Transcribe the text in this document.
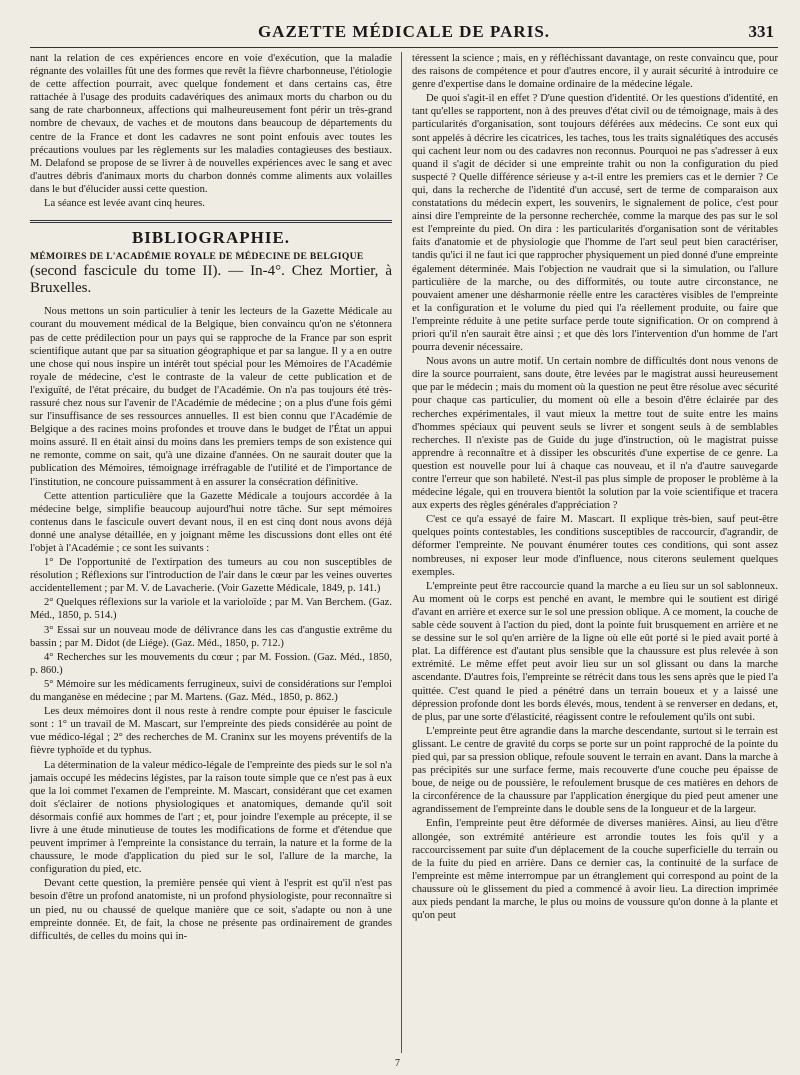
GAZETTE MÉDICALE DE PARIS.	331

nant la relation de ces expériences encore en voie d'exécution, que la maladie régnante des volailles fût une des formes que revêt la fièvre charbonneuse, l'étiologie de cette affection pourrait, avec quelque fondement et dans certains cas, être rattachée à l'usage des produits cadavériques des animaux morts du charbon ou du sang de rate charbonneux, affections qui malheureusement font périr un très-grand nombre de chevaux, de vaches et de moutons dans beaucoup de départements du centre de la France et dont les cadavres ne sont point enfouis avec toutes les précautions voulues par les règlements sur les maladies contagieuses des bestiaux. M. Delafond se propose de se livrer à de nouvelles expériences avec le sang et avec d'autres débris d'animaux morts du charbon donnés comme aliments aux volailles dans le but d'élucider aussi cette question.

La séance est levée avant cinq heures.

BIBLIOGRAPHIE.
MÉMOIRES DE L'ACADÉMIE ROYALE DE MÉDECINE DE BELGIQUE
(second fascicule du tome II). — In-4°. Chez Mortier, à Bruxelles.

Nous mettons un soin particulier à tenir les lecteurs de la Gazette Médicale au courant du mouvement médical de la Belgique, bien convaincu qu'on ne s'étonnera pas de cette prédilection pour un pays qui se rapproche de la France par son esprit scientifique autant que par sa situation géographique et par sa langue. Il y a en outre une chose qui nous inspire un intérêt tout spécial pour les Mémoires de l'Académie royale de médecine, c'est le contraste de la valeur de cette publication et de l'exiguïté, de l'état précaire, du budget de l'Académie. On n'a pas toujours été très-rassuré chez nous sur l'avenir de l'Académie de médecine ; on a plus d'une fois gémi sur l'insuffisance de ses ressources annuelles. Il est bien connu que l'Académie de Belgique a des racines moins profondes et trouve dans le budget de l'État un appui moins assuré. Il en était ainsi du moins dans les premiers temps de son existence qui ne remonte, comme on sait, qu'à une dizaine d'années. On ne saurait douter que la publication des Mémoires, témoignage irréfragable de l'utilité et de l'importance de l'institution, ne concoure puissamment à en assurer la consécration définitive.

Cette attention particulière que la Gazette Médicale a toujours accordée à la médecine belge, simplifie beaucoup aujourd'hui notre tâche. Sur sept mémoires contenus dans le fascicule ouvert devant nous, il en est cinq dont nous avons déjà donné une analyse détaillée, en y joignant même les discussions dont elles ont été l'objet à l'Académie ; ce sont les suivants :

1° De l'opportunité de l'extirpation des tumeurs au cou non susceptibles de résolution ; Réflexions sur l'introduction de l'air dans le cœur par les veines ouvertes accidentellement ; par M. V. de Lavacherie. (Voir Gazette Médicale, 1849, p. 141.)

2° Quelques réflexions sur la variole et la varioloïde ; par M. Van Berchem. (Gaz. Méd., 1850, p. 514.)

3° Essai sur un nouveau mode de délivrance dans les cas d'angustie extrême du bassin ; par M. Didot (de Liége). (Gaz. Méd., 1850, p. 712.)

4° Recherches sur les mouvements du cœur ; par M. Fossion. (Gaz. Méd., 1850, p. 860.)

5° Mémoire sur les médicaments ferrugineux, suivi de considérations sur l'emploi du manganèse en médecine ; par M. Martens. (Gaz. Méd., 1850, p. 862.)

Les deux mémoires dont il nous reste à rendre compte pour épuiser le fascicule sont : 1° un travail de M. Mascart, sur l'empreinte des pieds considérée au point de vue médico-légal ; 2° des recherches de M. Craninx sur les moyens préventifs de la fièvre typhoïde et du typhus.

La détermination de la valeur médico-légale de l'empreinte des pieds sur le sol n'a jamais occupé les médecins légistes, par la raison toute simple que ce n'est pas à eux que la loi commet l'examen de l'empreinte. M. Mascart, considérant que cet examen doit s'éclairer de notions physiologiques et anatomiques, demande qu'il soit désormais confié aux hommes de l'art ; et, pour joindre l'exemple au précepte, il se livre à une étude minutieuse de toutes les modifications de forme et d'étendue que peuvent imprimer à l'empreinte la consistance du terrain, la nature et la forme de la chaussure, le mode d'application du pied sur le sol, l'allure de la marche, la configuration du pied, etc.

Devant cette question, la première pensée qui vient à l'esprit est qu'il n'est pas besoin d'être un profond anatomiste, ni un profond physiologiste, pour reconnaître si un pied, nu ou chaussé de quelque manière que ce soit, s'adapte ou non à une empreinte donnée. Et, de fait, la chose ne présente pas ordinairement de grandes difficultés, de celles du moins qui in-

téressent la science ; mais, en y réfléchissant davantage, on reste convaincu que, pour des raisons de compétence et pour d'autres encore, il y aurait sécurité à introduire ce genre d'expertise dans le domaine ordinaire de la médecine légale.

De quoi s'agit-il en effet ? D'une question d'identité. Or les questions d'identité, en tant qu'elles se rapportent, non à des preuves d'état civil ou de témoignage, mais à des particularités d'organisation, sont toujours déférées aux médecins. Ce sont eux qui sont appelés à décrire les cicatrices, les taches, tous les traits signalétiques des accusés qui cachent leur nom ou des cadavres non reconnus. Pourquoi ne pas s'adresser à eux quand il s'agit de décider si une empreinte trahit ou non la configuration du pied suspecté ? Quelle différence sérieuse y a-t-il entre les premiers cas et le dernier ? Ce qui, dans la recherche de l'identité d'un accusé, sert de terme de comparaison aux constatations du médecin expert, les souvenirs, le signalement de police, c'est pour ainsi dire l'empreinte de la personne recherchée, comme la marque des pas sur le sol est l'empreinte du pied. On dira : les particularités d'organisation sont de véritables faits d'anatomie et de physiologie que l'homme de l'art seul peut bien caractériser, tandis qu'ici il ne faut ici que rapprocher physiquement un pied donné d'une empreinte également déterminée. Mais l'objection ne vaudrait que si la simulation, ou l'allure particulière de la marche, ou des difformités, ou toute autre circonstance, ne pouvaient amener une désharmonie réelle entre les caractères visibles de l'empreinte et la configuration et le volume du pied qui l'a réellement produite, ou faire que l'empreinte réduite à une petite surface perde toute signification. Or on comprend à priori qu'il n'en saurait être ainsi ; et que dès lors l'intervention d'un homme de l'art pourra devenir nécessaire.

Nous avons un autre motif. Un certain nombre de difficultés dont nous venons de dire la source pourraient, sans doute, être levées par le magistrat aussi heureusement que par le médecin ; mais du moment où la question ne peut être résolue avec sécurité pour chaque cas particulier, du moment où elle a besoin d'être éclairée par des recherches expérimentales, il vaut mieux la mettre tout de suite entre les mains d'hommes spéciaux qui peuvent seuls se livrer et songent seuls à de semblables recherches. Il n'existe pas de Guide du juge d'instruction, où le magistrat puisse apprendre à reconnaître et à dissiper les obscurités d'une expertise de ce genre. La question est nouvelle pour lui à chaque cas nouveau, et il n'a d'autre sauvegarde contre l'erreur que son habileté. N'est-il pas plus simple de proposer le problème à la médecine légale, qui en trouvera bientôt la solution par la voie scientifique et tracera aux experts des règles générales d'appréciation ?

C'est ce qu'a essayé de faire M. Mascart. Il explique très-bien, sauf peut-être quelques points contestables, les conditions susceptibles de raccourcir, d'agrandir, de déformer l'empreinte. Ne pouvant énumérer toutes ces conditions, qui sont assez nombreuses, ni exposer leur mode d'influence, nous citerons seulement quelques exemples.

L'empreinte peut être raccourcie quand la marche a eu lieu sur un sol sablonneux. Au moment où le corps est penché en avant, le membre qui le soutient est dirigé d'avant en arrière et exerce sur le sol une pression oblique. A ce moment, la couche de sable cède souvent à l'action du pied, dont la pointe fuit brusquement en arrière et ne se dessine sur le sol qu'en arrière de la ligne où elle eût porté si le pied avait porté à plat. La différence est d'autant plus sensible que la chaussure est plus relevée à son extrémité. Le même effet peut avoir lieu sur un sol glissant ou dans la marche ascendante. D'autres fois, l'empreinte se rétrécit dans tous les sens après que le pied l'a quittée. C'est quand le pied a pénétré dans un terrain boueux et y a laissé une dépression profonde dont les bords élevés, mous, tendent à se renverser en dedans, et, de plus, par une sorte d'élasticité, réagissent contre le refoulement qu'ils ont subi.

L'empreinte peut être agrandie dans la marche descendante, surtout si le terrain est glissant. Le centre de gravité du corps se porte sur un point rapproché de la pointe du pied qui, par sa pression oblique, refoule souvent le terrain en avant. Dans la marche à pas précipités sur une surface ferme, mais recouverte d'une couche peu épaisse de boue, de neige ou de poussière, le refoulement brusque de ces matières en dehors de la circonférence de la chaussure par l'application énergique du pied peut amener une agrandissement de l'empreinte dans le double sens de la longueur et de la largeur.

Enfin, l'empreinte peut être déformée de diverses manières. Ainsi, au lieu d'être allongée, son extrémité antérieure est arrondie toutes les fois qu'il y a raccourcissement par suite d'un déplacement de la couche superficielle du terrain ou de la fuite du pied en arrière. Dans ce dernier cas, la continuité de la surface de l'empreinte est même interrompue par un étranglement qui correspond au point de la chaussure où le glissement du pied a commencé à avoir lieu. La direction imprimée aux pieds pendant la marche, le plus ou moins de voussure qu'on donne à la plante et qu'on peut

7
